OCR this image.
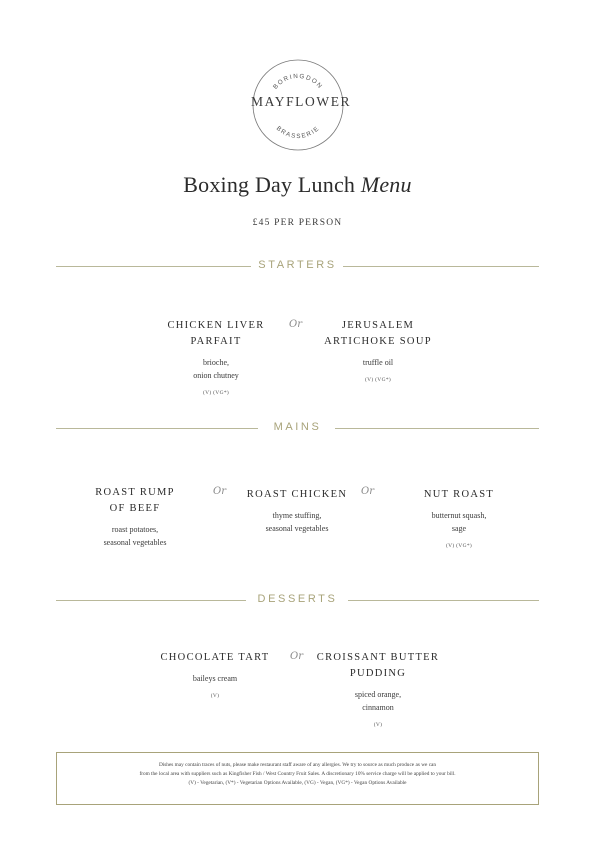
BORINGDON
BRASSERIE
MAYFLOWER
Boxing Day Lunch Menu
£45 PER PERSON
STARTERS
CHICKEN LIVER
PARFAIT
brioche,
onion chutney
(V) (VG*)
Or	JERUSALEM
ARTICHOKE SOUP
truffle oil
(V) (VG*)
MAINS
ROAST RUMP
OF BEEF
roast potatoes,
seasonal vegetables
Or	ROAST CHICKEN
thyme stuffing,
seasonal vegetables
Or	NUT ROAST
butternut squash,
sage
(V) (VG*)
DESSERTS
CHOCOLATE TART
baileys cream
(V)
Or	CROISSANT BUTTER
PUDDING
spiced orange,
cinnamon
(V)

Dishes may contain traces of nuts, please make restaurant staff aware of any allergies. We try to source as much produce as we can

from the local area with suppliers such as Kingfisher Fish / West Country Fruit Sales. A discretionary 10% service charge will be applied to your bill.

(V) - Vegetarian, (V*) - Vegetarian Options Available, (VG) - Vegan, (VG*) - Vegan Options Available
